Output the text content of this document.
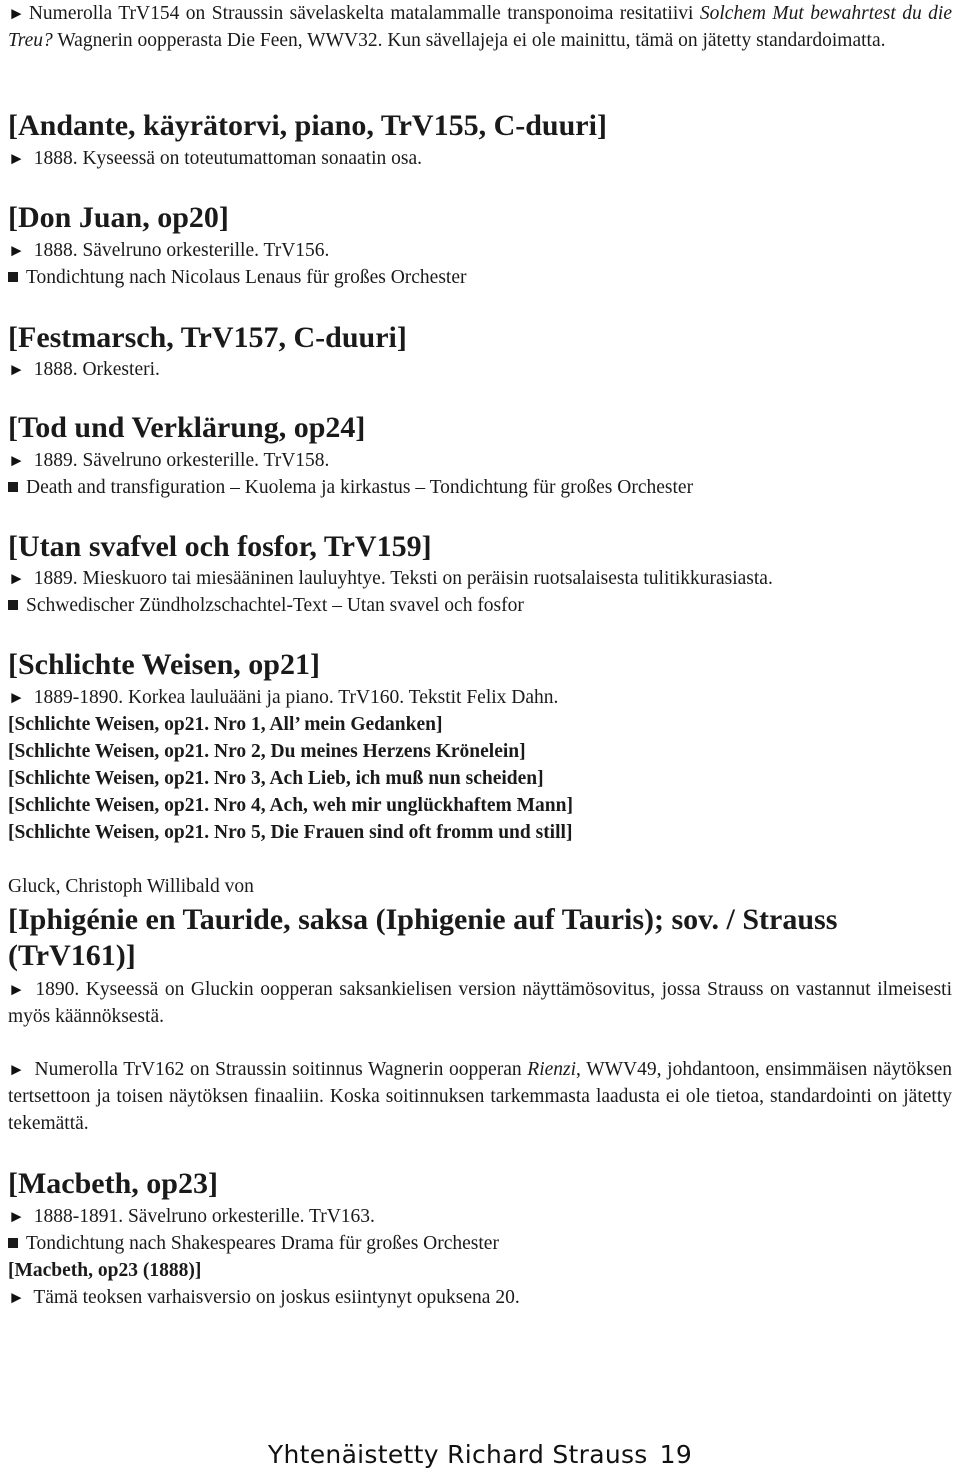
► Numerolla TrV154 on Straussin sävelaskelta matalammalle transponoima resitatiivi Solchem Mut bewahrtest du die Treu? Wagnerin oopperasta Die Feen, WWV32. Kun sävellajeja ei ole mainittu, tämä on jätetty standardoimatta.

[Andante, käyrätorvi, piano, TrV155, C-duuri]
► 1888. Kyseessä on toteutumattoman sonaatin osa.
[Don Juan, op20]
► 1888. Sävelruno orkesterille. TrV156.
Tondichtung nach Nicolaus Lenaus für großes Orchester
[Festmarsch, TrV157, C-duuri]
► 1888. Orkesteri.
[Tod und Verklärung, op24]
► 1889. Sävelruno orkesterille. TrV158.
Death and transfiguration – Kuolema ja kirkastus – Tondichtung für großes Orchester
[Utan svafvel och fosfor, TrV159]
► 1889. Mieskuoro tai miesääninen lauluyhtye. Teksti on peräisin ruotsalaisesta tulitikkurasiasta.
Schwedischer Zündholzschachtel-Text – Utan svavel och fosfor
[Schlichte Weisen, op21]
► 1889-1890. Korkea lauluääni ja piano. TrV160. Tekstit Felix Dahn.
[Schlichte Weisen, op21. Nro 1, All’ mein Gedanken]
[Schlichte Weisen, op21. Nro 2, Du meines Herzens Krönelein]
[Schlichte Weisen, op21. Nro 3, Ach Lieb, ich muß nun scheiden]
[Schlichte Weisen, op21. Nro 4, Ach, weh mir unglückhaftem Mann]
[Schlichte Weisen, op21. Nro 5, Die Frauen sind oft fromm und still]
Gluck, Christoph Willibald von
[Iphigénie en Tauride, saksa (Iphigenie auf Tauris); sov. / Strauss (TrV161)]

► 1890. Kyseessä on Gluckin oopperan saksankielisen version näyttämösovitus, jossa Strauss on vastannut ilmeisesti myös käännöksestä.

► Numerolla TrV162 on Straussin soitinnus Wagnerin oopperan Rienzi, WWV49, johdantoon, ensimmäisen näytöksen tertsettoon ja toisen näytöksen finaaliin. Koska soitinnuksen tarkemmasta laadusta ei ole tietoa, standardointi on jätetty tekemättä.

[Macbeth, op23]
► 1888-1891. Sävelruno orkesterille. TrV163.
Tondichtung nach Shakespeares Drama für großes Orchester
[Macbeth, op23 (1888)]
► Tämä teoksen varhaisversio on joskus esiintynyt opuksena 20.
Yhtenäistetty Richard Strauss 19
